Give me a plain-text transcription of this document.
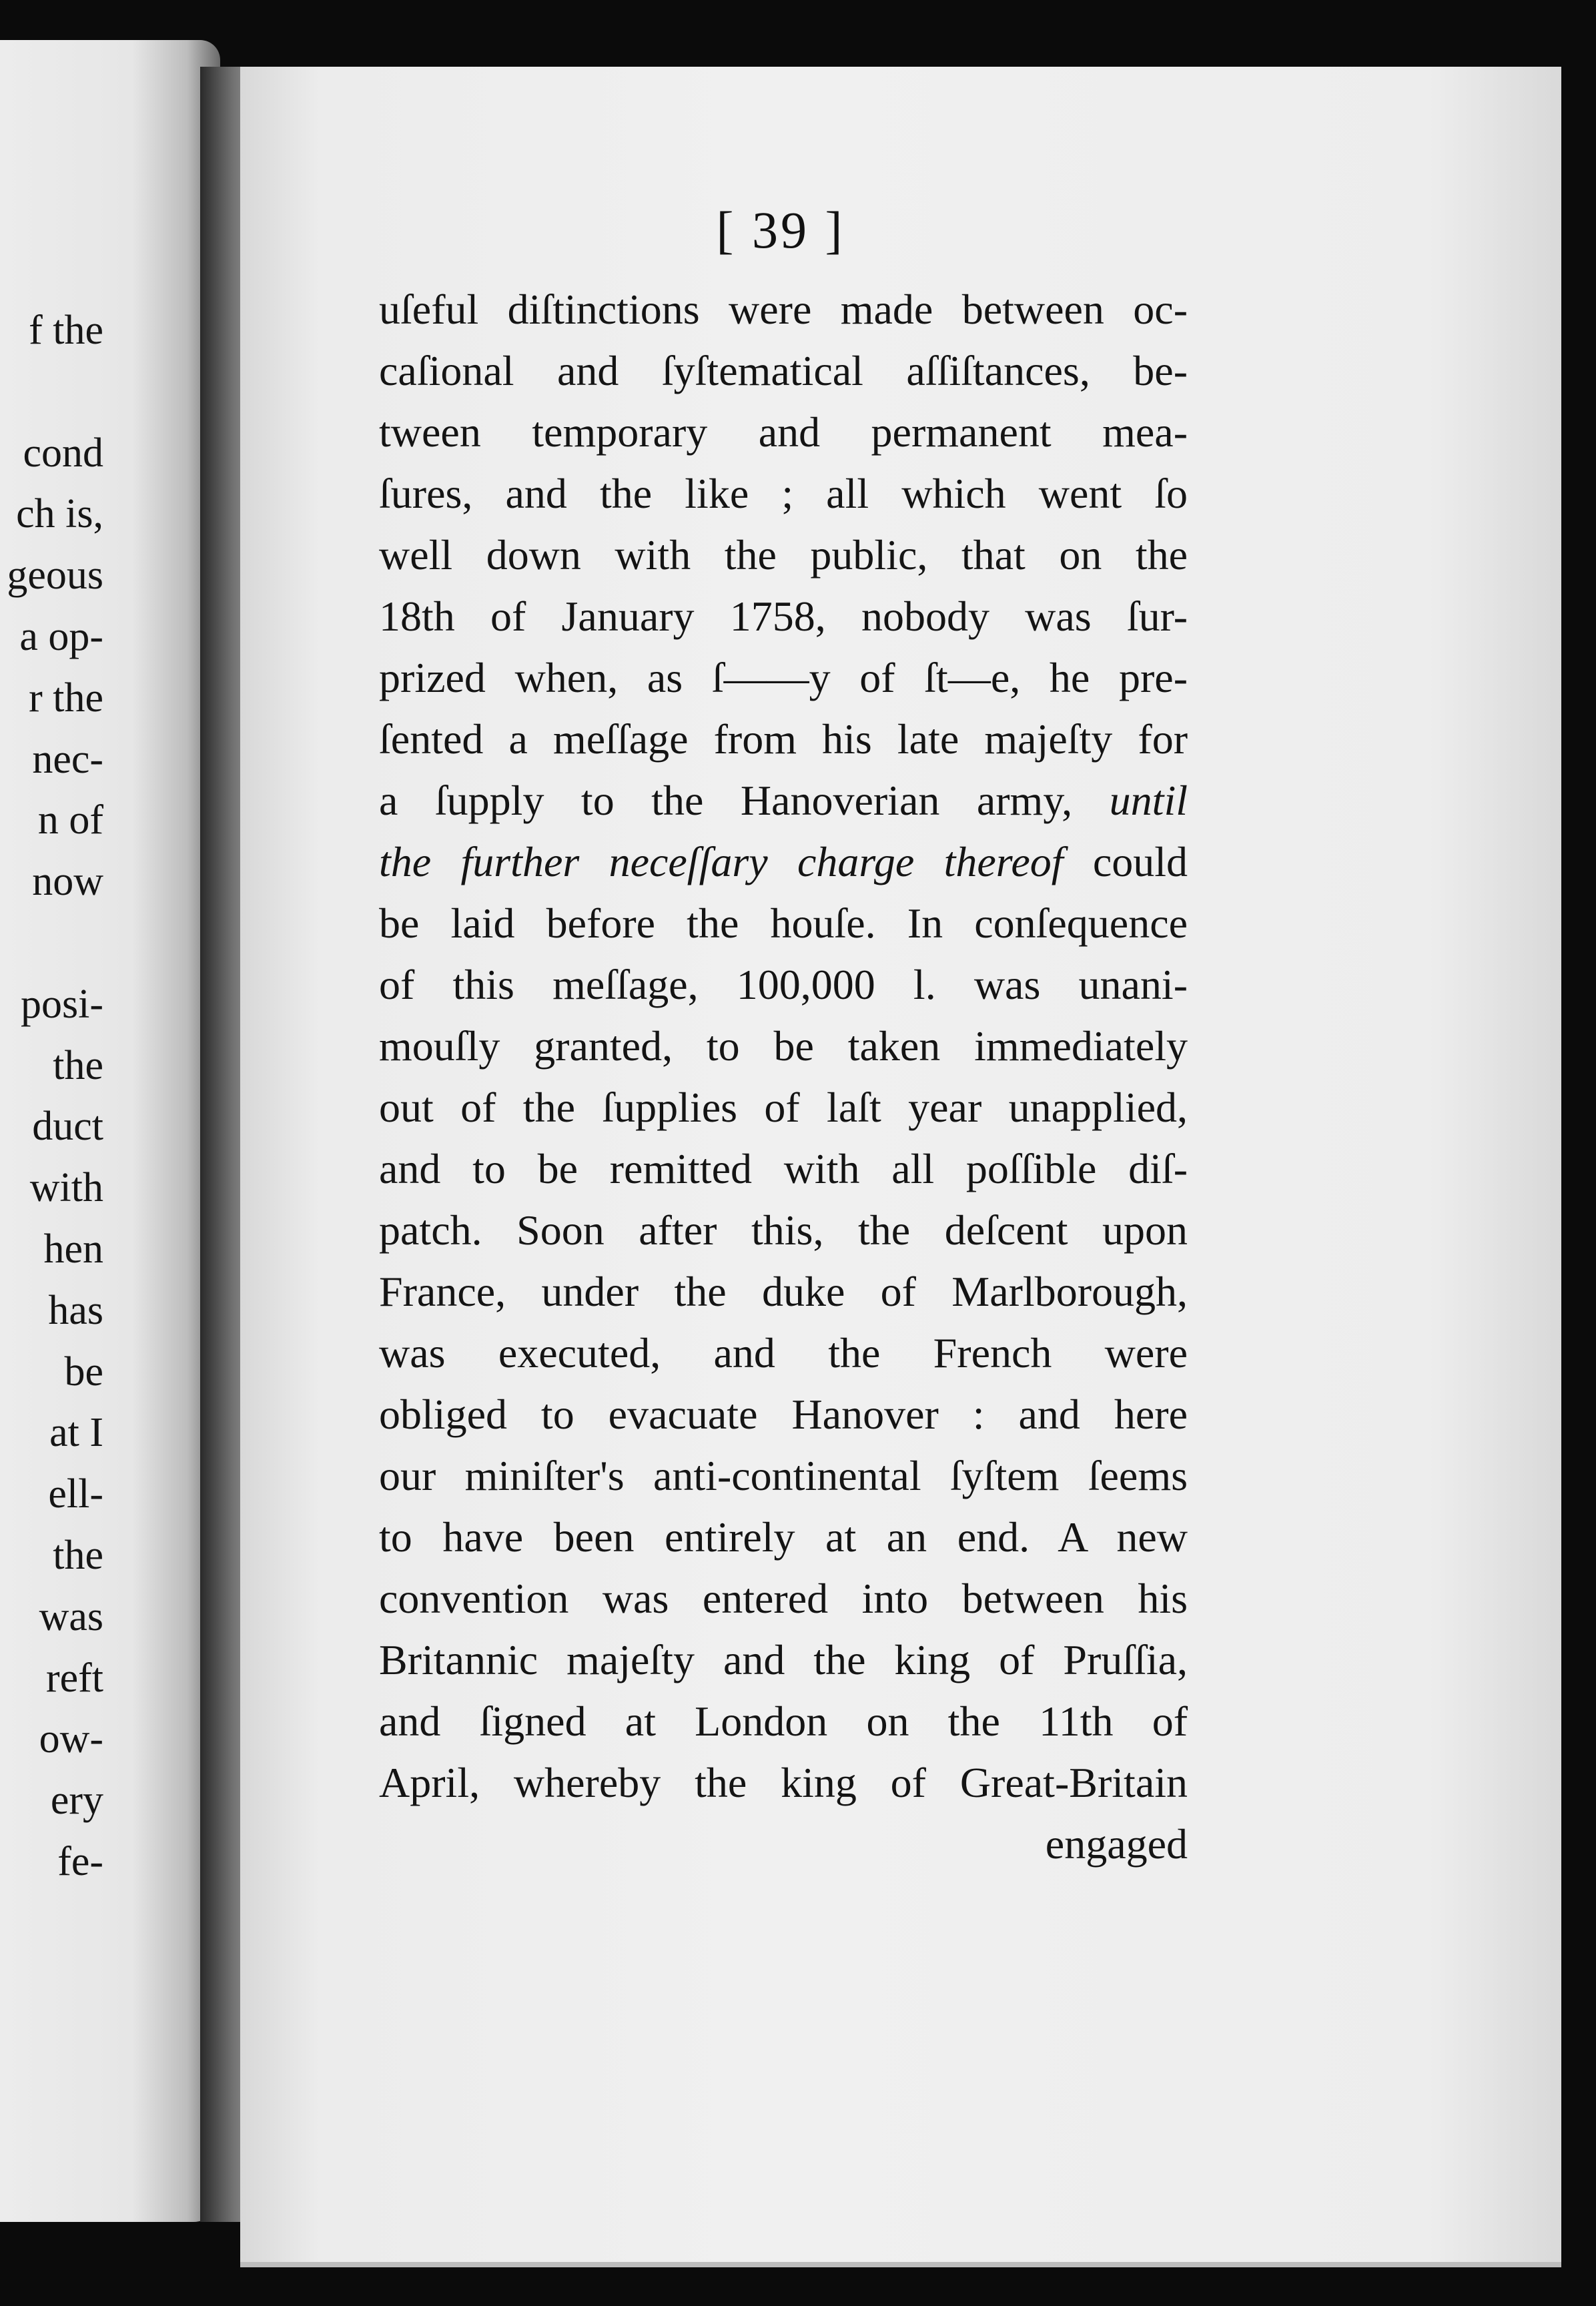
f the
cond
ch is,
geous
a op-
r the
nec-
n of
now
posi-
the
duct
with
hen
has
be
at I
ell-
the
was
reft
ow-
ery
fe-
[ 39 ]
uſeful diſtinctions were made between oc-
caſional and ſyſtematical aſſiſtances, be-
tween temporary and permanent mea-
ſures, and the like ; all which went ſo
well down with the public, that on the
18th of January 1758, nobody was ſur-
prized when, as ſ——y of ſt—e, he pre-
ſented a meſſage from his late majeſty for
a ſupply to the Hanoverian army, until
the further neceſſary charge thereof could
be laid before the houſe. In conſequence
of this meſſage, 100,000 l. was unani-
mouſly granted, to be taken immediately
out of the ſupplies of laſt year unapplied,
and to be remitted with all poſſible diſ-
patch. Soon after this, the deſcent upon
France, under the duke of Marlborough,
was executed, and the French were
obliged to evacuate Hanover : and here
our miniſter's anti-continental ſyſtem ſeems
to have been entirely at an end. A new
convention was entered into between his
Britannic majeſty and the king of Pruſſia,
and ſigned at London on the 11th of
April, whereby the king of Great-Britain
engaged
